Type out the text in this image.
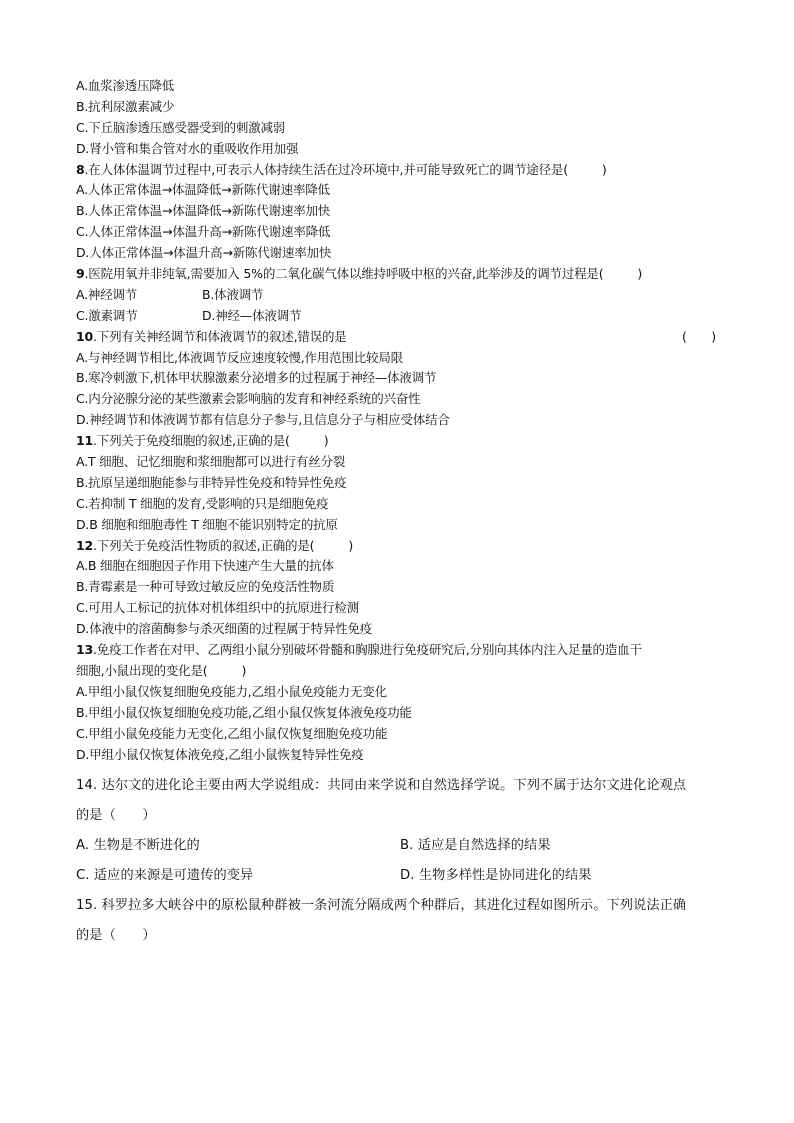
A.血浆渗透压降低
B.抗利尿激素减少
C.下丘脑渗透压感受器受到的刺激减弱
D.肾小管和集合管对水的重吸收作用加强
8.在人体体温调节过程中,可表示人体持续生活在过冷环境中,并可能导致死亡的调节途径是(	)
A.人体正常体温→体温降低→新陈代谢速率降低
B.人体正常体温→体温降低→新陈代谢速率加快
C.人体正常体温→体温升高→新陈代谢速率降低
D.人体正常体温→体温升高→新陈代谢速率加快
9.医院用氧并非纯氧,需要加入 5%的二氧化碳气体以维持呼吸中枢的兴奋,此举涉及的调节过程是(	)
A.神经调节	B.体液调节
C.激素调节	D.神经—体液调节
10.下列有关神经调节和体液调节的叙述,错误的是	(　　)
A.与神经调节相比,体液调节反应速度较慢,作用范围比较局限
B.寒冷刺激下,机体甲状腺激素分泌增多的过程属于神经—体液调节
C.内分泌腺分泌的某些激素会影响脑的发育和神经系统的兴奋性
D.神经调节和体液调节都有信息分子参与,且信息分子与相应受体结合
11.下列关于免疫细胞的叙述,正确的是(	)
A.T 细胞、记忆细胞和浆细胞都可以进行有丝分裂
B.抗原呈递细胞能参与非特异性免疫和特异性免疫
C.若抑制 T 细胞的发育,受影响的只是细胞免疫
D.B 细胞和细胞毒性 T 细胞不能识别特定的抗原
12.下列关于免疫活性物质的叙述,正确的是(	)
A.B 细胞在细胞因子作用下快速产生大量的抗体
B.青霉素是一种可导致过敏反应的免疫活性物质
C.可用人工标记的抗体对机体组织中的抗原进行检测
D.体液中的溶菌酶参与杀灭细菌的过程属于特异性免疫
13.免疫工作者在对甲、乙两组小鼠分别破坏骨髓和胸腺进行免疫研究后,分别向其体内注入足量的造血干
细胞,小鼠出现的变化是(	)
A.甲组小鼠仅恢复细胞免疫能力,乙组小鼠免疫能力无变化
B.甲组小鼠仅恢复细胞免疫功能,乙组小鼠仅恢复体液免疫功能
C.甲组小鼠免疫能力无变化,乙组小鼠仅恢复细胞免疫功能
D.甲组小鼠仅恢复体液免疫,乙组小鼠恢复特异性免疫
14. 达尔文的进化论主要由两大学说组成：共同由来学说和自然选择学说。下列不属于达尔文进化论观点
的是（　　）
A. 生物是不断进化的	B. 适应是自然选择的结果
C. 适应的来源是可遗传的变异	D. 生物多样性是协同进化的结果
15. 科罗拉多大峡谷中的原松鼠种群被一条河流分隔成两个种群后，其进化过程如图所示。下列说法正确
的是（　　）
